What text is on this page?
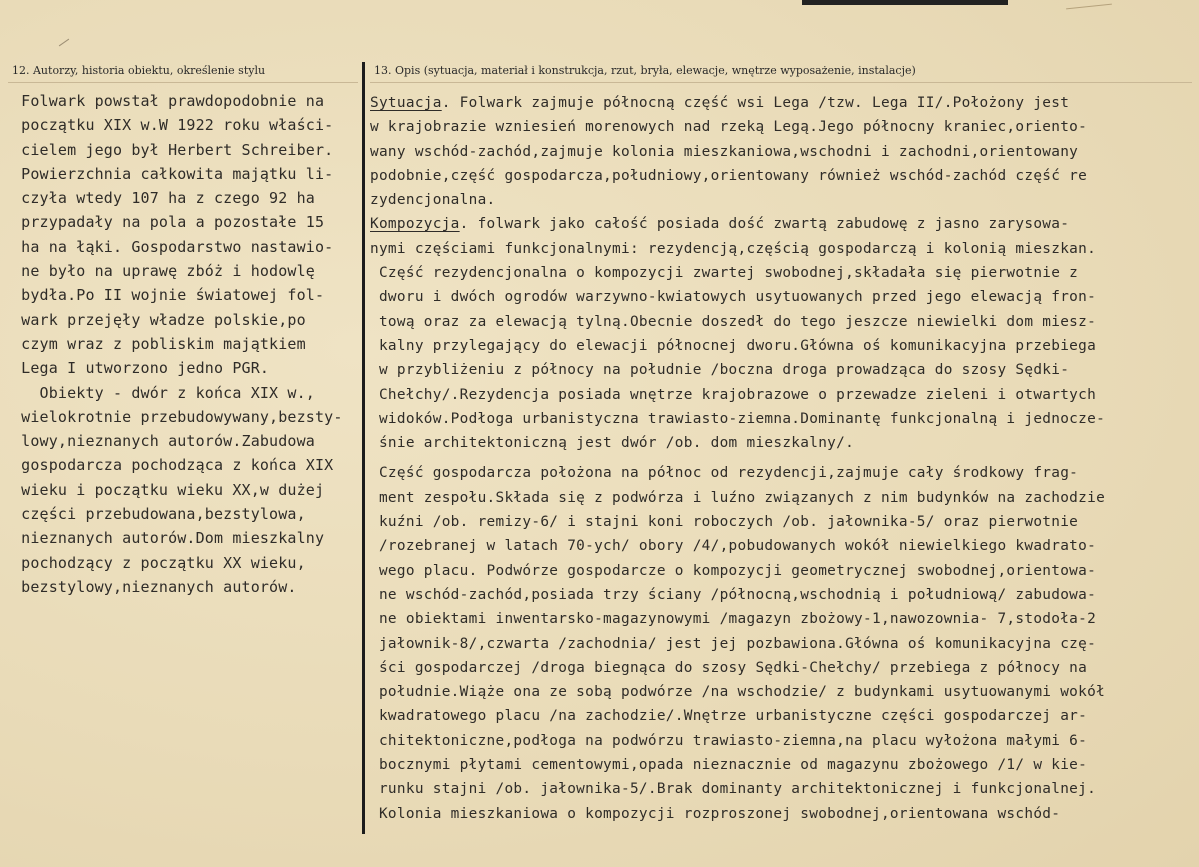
12. Autorzy, historia obiektu, określenie stylu	13. Opis (sytuacja, materiał i konstrukcja, rzut, bryła, elewacje, wnętrze wyposażenie, instalacje)
Folwark powstał prawdopodobnie na
początku XIX w.W 1922 roku właści-
cielem jego był Herbert Schreiber.
Powierzchnia całkowita majątku li-
czyła wtedy 107 ha z czego 92 ha
przypadały na pola a pozostałe 15
ha na łąki. Gospodarstwo nastawio-
ne było na uprawę zbóż i hodowlę
bydła.Po II wojnie światowej fol-
wark przejęły władze polskie,po
czym wraz z pobliskim majątkiem
Lega I utworzono jedno PGR.
Obiekty - dwór z końca XIX w.,
wielokrotnie przebudowywany,bezsty-
lowy,nieznanych autorów.Zabudowa
gospodarcza pochodząca z końca XIX
wieku i początku wieku XX,w dużej
części przebudowana,bezstylowa,
nieznanych autorów.Dom mieszkalny
pochodzący z początku XX wieku,
bezstylowy,nieznanych autorów.
Sytuacja. Folwark zajmuje północną część wsi Lega /tzw. Lega II/.Położony jest
w krajobrazie wzniesień morenowych nad rzeką Legą.Jego północny kraniec,oriento-
wany wschód-zachód,zajmuje kolonia mieszkaniowa,wschodni i zachodni,orientowany
podobnie,część gospodarcza,południowy,orientowany również wschód-zachód część re
zydencjonalna.
Kompozycja. folwark jako całość posiada dość zwartą zabudowę z jasno zarysowa-
nymi częściami funkcjonalnymi: rezydencją,częścią gospodarczą i kolonią mieszkan.
Część rezydencjonalna o kompozycji zwartej swobodnej,składała się pierwotnie z
dworu i dwóch ogrodów warzywno-kwiatowych usytuowanych przed jego elewacją fron-
tową oraz za elewacją tylną.Obecnie doszedł do tego jeszcze niewielki dom miesz-
kalny przylegający do elewacji północnej dworu.Główna oś komunikacyjna przebiega
w przybliżeniu z północy na południe /boczna droga prowadząca do szosy Sędki-
Chełchy/.Rezydencja posiada wnętrze krajobrazowe o przewadze zieleni i otwartych
widoków.Podłoga urbanistyczna trawiasto-ziemna.Dominantę funkcjonalną i jednocze-
śnie architektoniczną jest dwór /ob. dom mieszkalny/.
Część gospodarcza położona na północ od rezydencji,zajmuje cały środkowy frag-
ment zespołu.Składa się z podwórza i luźno związanych z nim budynków na zachodzie
kuźni /ob. remizy-6/ i stajni koni roboczych /ob. jałownika-5/ oraz pierwotnie
/rozebranej w latach 70-ych/ obory /4/,pobudowanych wokół niewielkiego kwadrato-
wego placu. Podwórze gospodarcze o kompozycji geometrycznej swobodnej,orientowa-
ne wschód-zachód,posiada trzy ściany /północną,wschodnią i południową/ zabudowa-
ne obiektami inwentarsko-magazynowymi /magazyn zbożowy-1,nawozownia- 7,stodoła-2
jałownik-8/,czwarta /zachodnia/ jest jej pozbawiona.Główna oś komunikacyjna czę-
ści gospodarczej /droga biegnąca do szosy Sędki-Chełchy/ przebiega z północy na
południe.Wiąże ona ze sobą podwórze /na wschodzie/ z budynkami usytuowanymi wokół
kwadratowego placu /na zachodzie/.Wnętrze urbanistyczne części gospodarczej ar-
chitektoniczne,podłoga na podwórzu trawiasto-ziemna,na placu wyłożona małymi 6-
bocznymi płytami cementowymi,opada nieznacznie od magazynu zbożowego /1/ w kie-
runku stajni /ob. jałownika-5/.Brak dominanty architektonicznej i funkcjonalnej.
Kolonia mieszkaniowa o kompozycji rozproszonej swobodnej,orientowana wschód-
